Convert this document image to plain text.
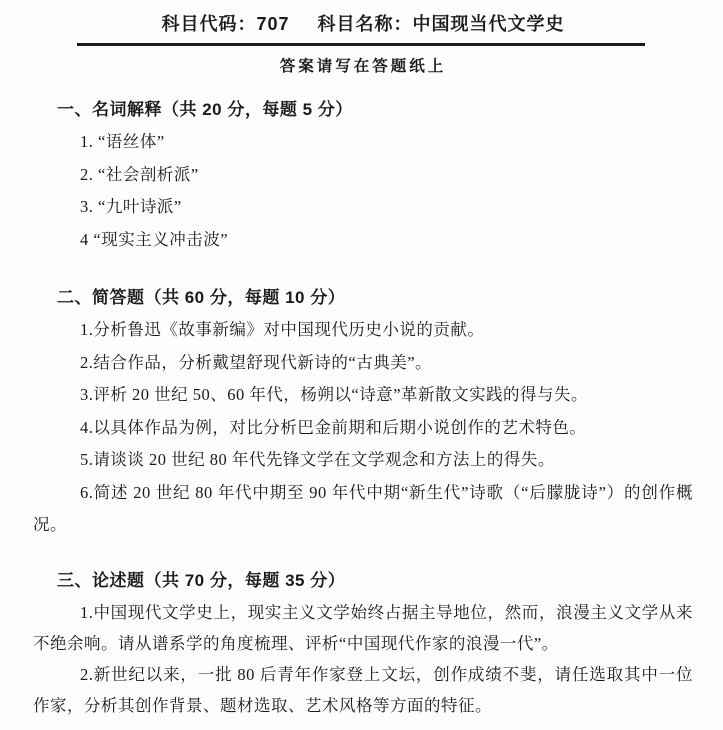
科目代码：707 科目名称：中国现当代文学史
答案请写在答题纸上
一、名词解释（共 20 分，每题 5 分）

1. “语丝体”

2. “社会剖析派”

3. “九叶诗派”

4 “现实主义冲击波”

二、简答题（共 60 分，每题 10 分）

1.分析鲁迅《故事新编》对中国现代历史小说的贡献。

2.结合作品，分析戴望舒现代新诗的“古典美”。

3.评析 20 世纪 50、60 年代，杨朔以“诗意”革新散文实践的得与失。

4.以具体作品为例，对比分析巴金前期和后期小说创作的艺术特色。

5.请谈谈 20 世纪 80 年代先锋文学在文学观念和方法上的得失。

6.简述 20 世纪 80 年代中期至 90 年代中期“新生代”诗歌（“后朦胧诗”）的创作概况。

三、论述题（共 70 分，每题 35 分）

1.中国现代文学史上，现实主义文学始终占据主导地位，然而，浪漫主义文学从来不绝余响。请从谱系学的角度梳理、评析“中国现代作家的浪漫一代”。

2.新世纪以来，一批 80 后青年作家登上文坛，创作成绩不斐，请任选取其中一位作家，分析其创作背景、题材选取、艺术风格等方面的特征。
